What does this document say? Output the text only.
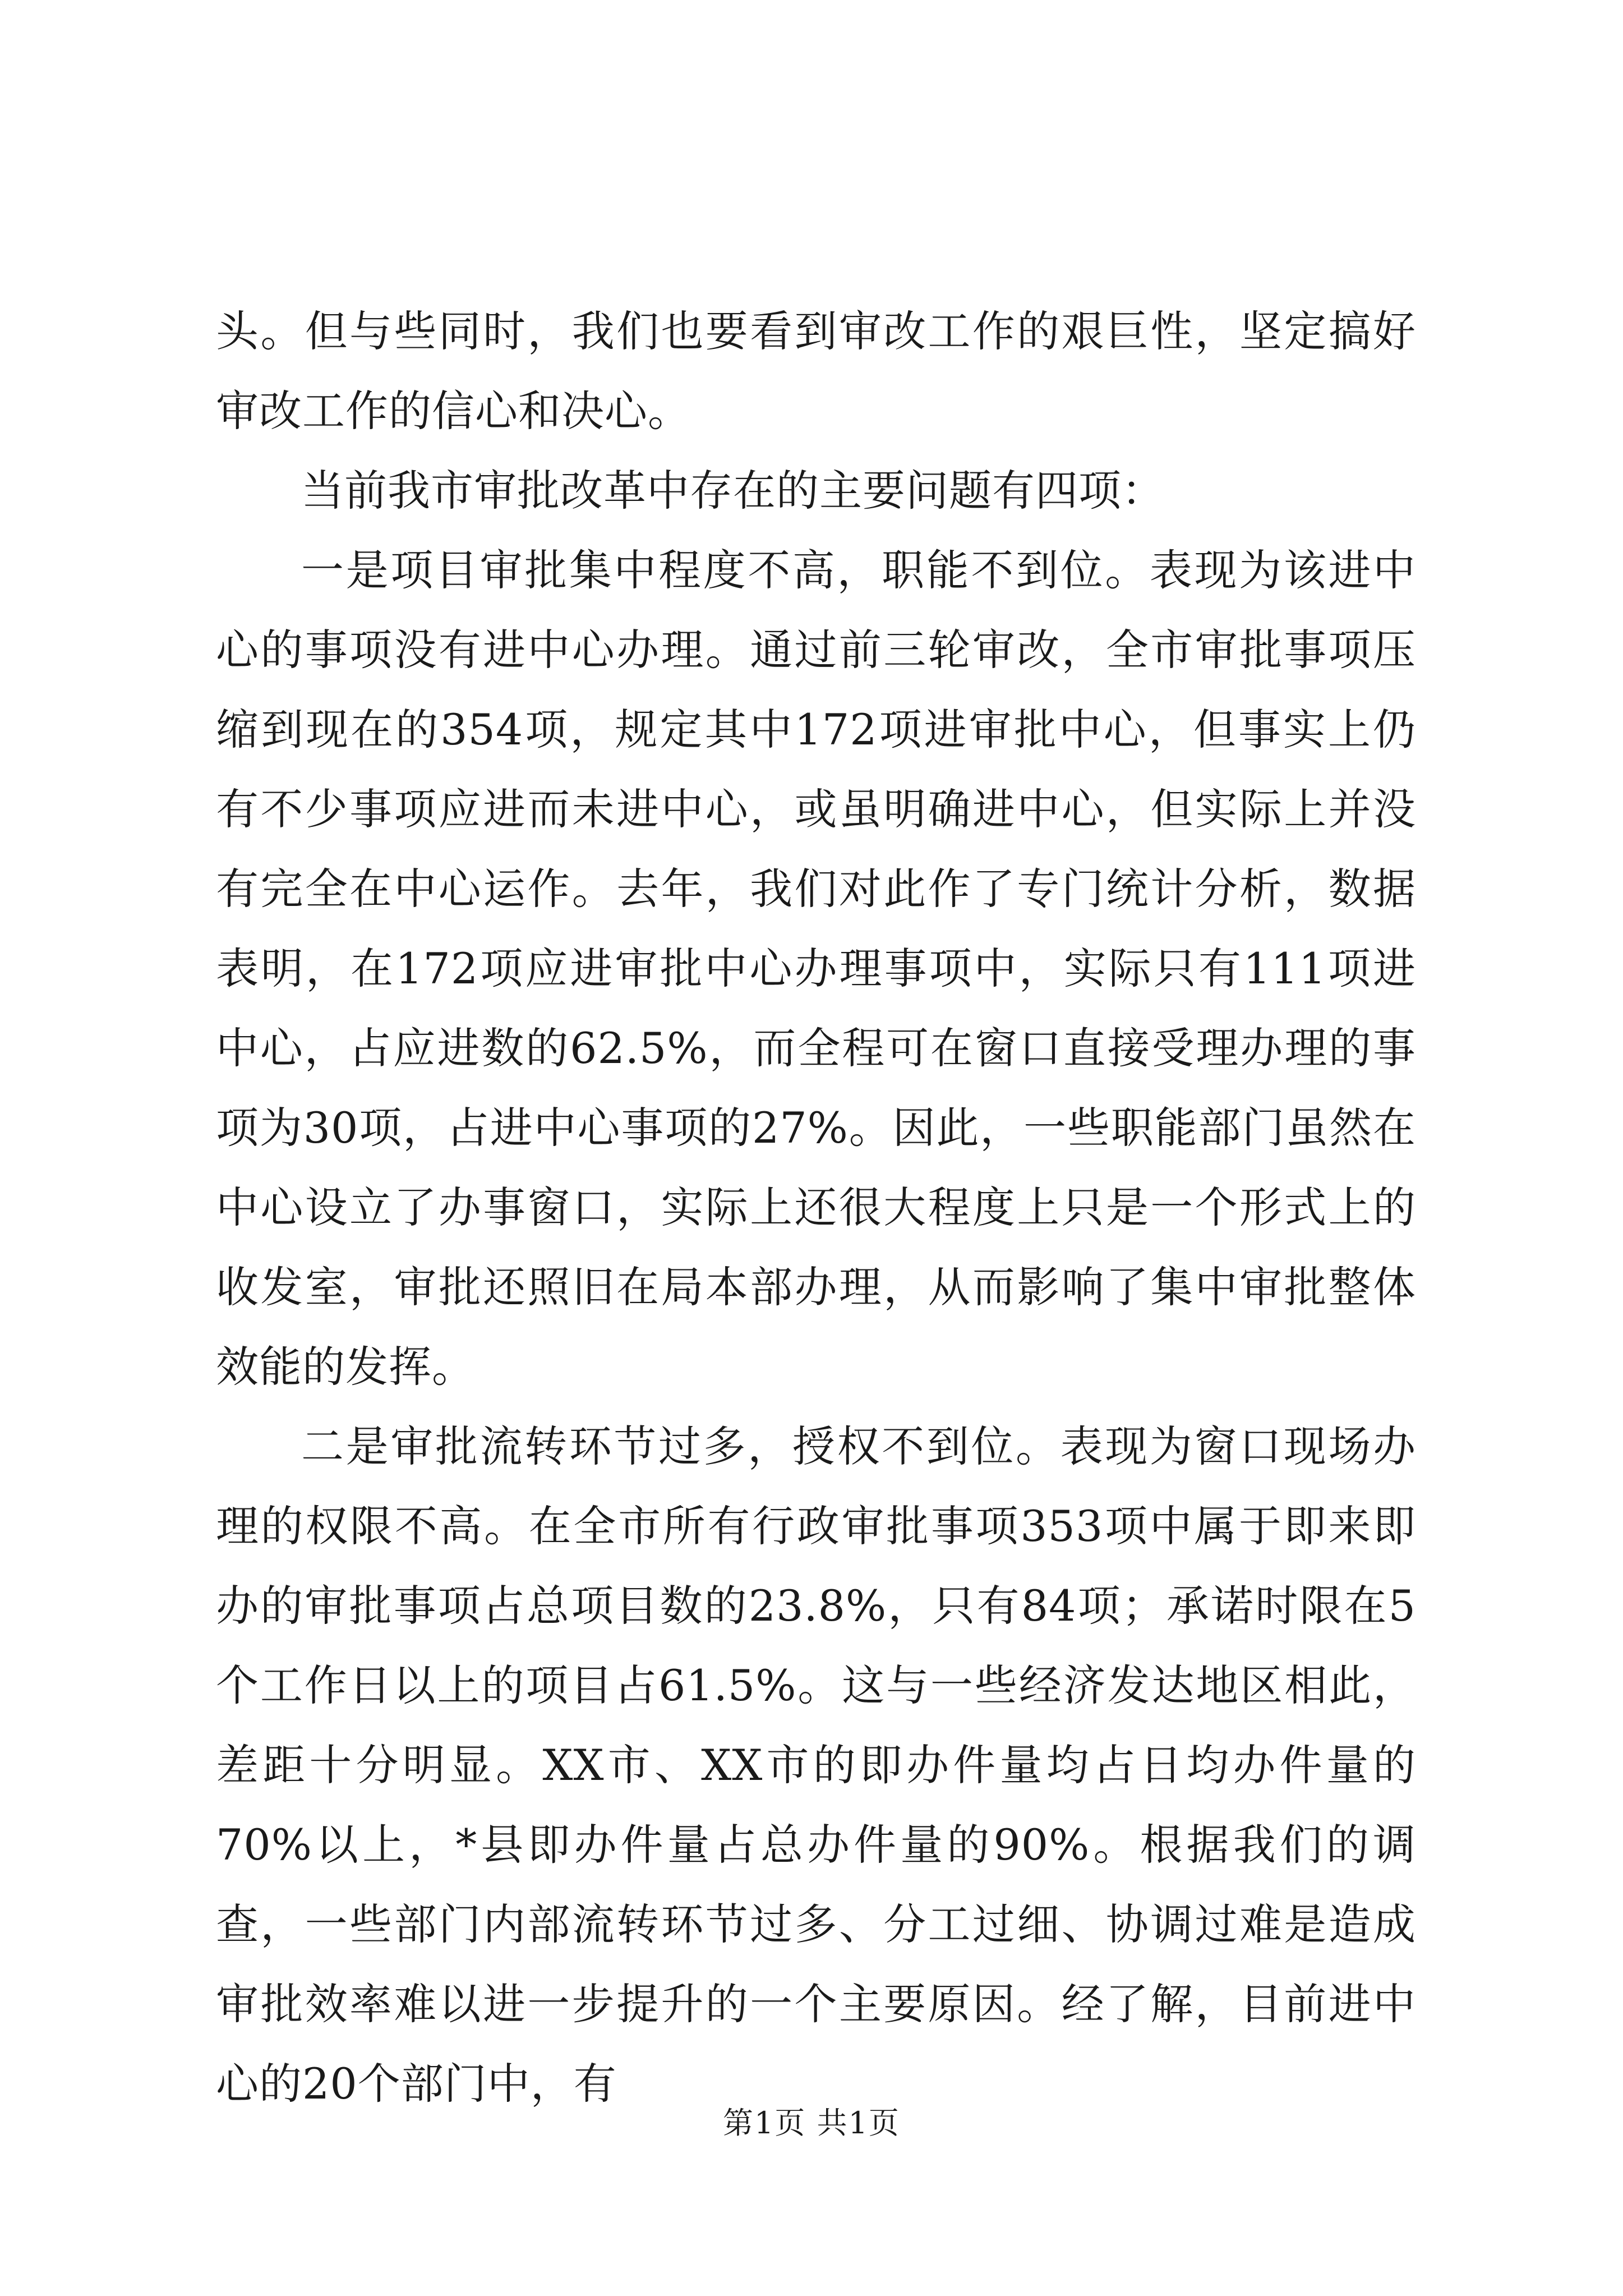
头。但与些同时，我们也要看到审改工作的艰巨性，坚定搞好审改工作的信心和决心。

当前我市审批改革中存在的主要问题有四项：

一是项目审批集中程度不高，职能不到位。表现为该进中心的事项没有进中心办理。通过前三轮审改，全市审批事项压缩到现在的354项，规定其中172项进审批中心，但事实上仍有不少事项应进而未进中心，或虽明确进中心，但实际上并没有完全在中心运作。去年，我们对此作了专门统计分析，数据表明，在172项应进审批中心办理事项中，实际只有111项进中心，占应进数的62.5%，而全程可在窗口直接受理办理的事项为30项，占进中心事项的27%。因此，一些职能部门虽然在中心设立了办事窗口，实际上还很大程度上只是一个形式上的收发室，审批还照旧在局本部办理，从而影响了集中审批整体效能的发挥。

二是审批流转环节过多，授权不到位。表现为窗口现场办理的权限不高。在全市所有行政审批事项353项中属于即来即办的审批事项占总项目数的23.8%，只有84项；承诺时限在5个工作日以上的项目占61.5%。这与一些经济发达地区相此，差距十分明显。XX市、XX市的即办件量均占日均办件量的70%以上，*县即办件量占总办件量的90%。根据我们的调查，一些部门内部流转环节过多、分工过细、协调过难是造成审批效率难以进一步提升的一个主要原因。经了解，目前进中心的20个部门中，有

第1页 共1页
